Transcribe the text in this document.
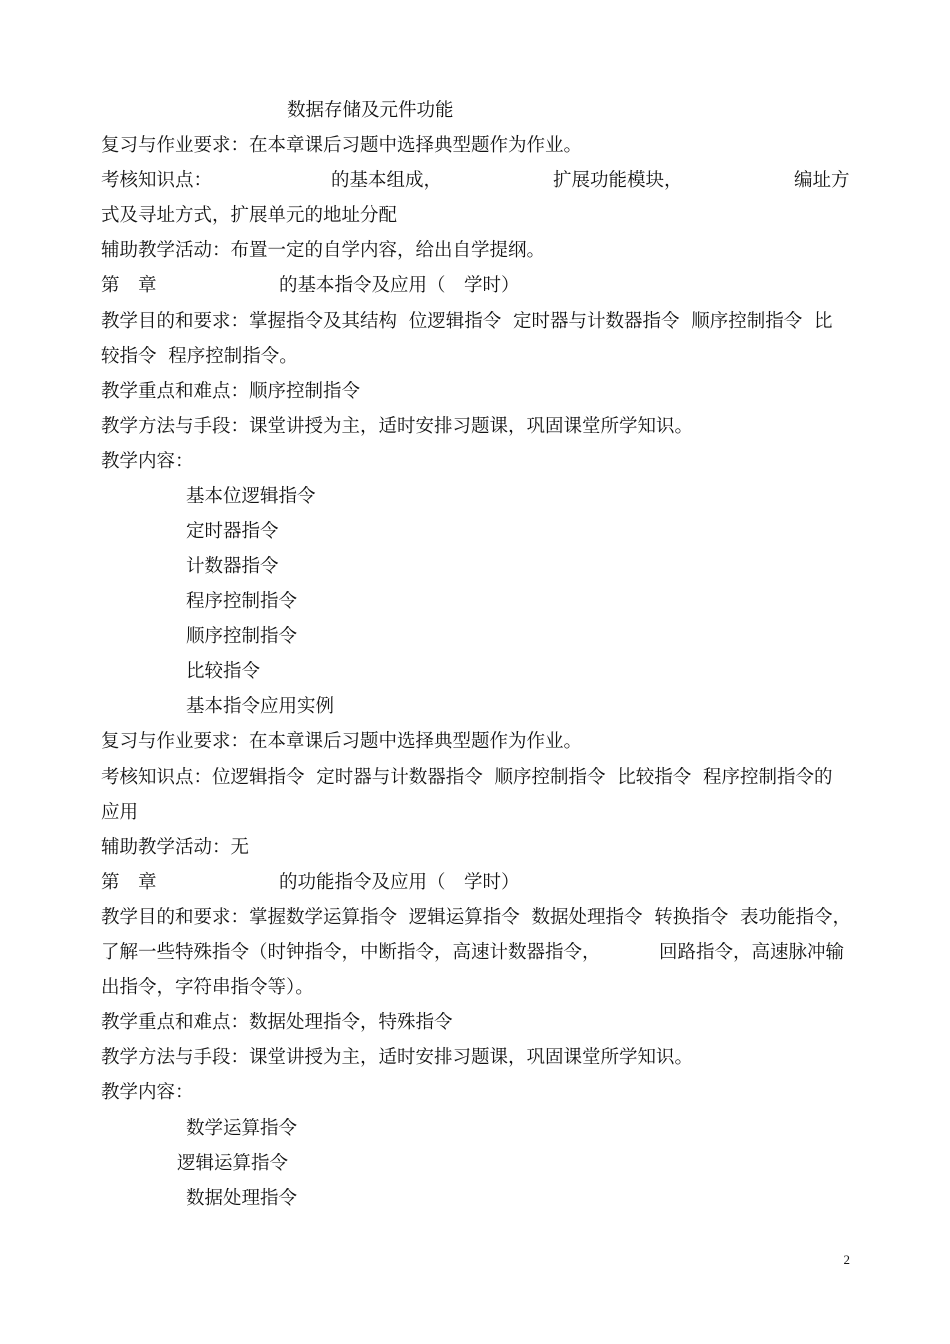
数据存储及元件功能
复习与作业要求：在本章课后习题中选择典型题作为作业。
考核知识点：	的基本组成，	扩展功能模块，	编址方
式及寻址方式，扩展单元的地址分配
辅助教学活动：布置一定的自学内容，给出自学提纲。
第　章	的基本指令及应用（　学时）
教学目的和要求：掌握指令及其结构  位逻辑指令  定时器与计数器指令  顺序控制指令  比
较指令  程序控制指令。
教学重点和难点：顺序控制指令
教学方法与手段：课堂讲授为主，适时安排习题课，巩固课堂所学知识。
教学内容：
基本位逻辑指令
定时器指令
计数器指令
程序控制指令
顺序控制指令
比较指令
基本指令应用实例
复习与作业要求：在本章课后习题中选择典型题作为作业。
考核知识点：位逻辑指令  定时器与计数器指令  顺序控制指令  比较指令  程序控制指令的
应用
辅助教学活动：无
第　章	的功能指令及应用（　学时）
教学目的和要求：掌握数学运算指令  逻辑运算指令  数据处理指令  转换指令  表功能指令，
了解一些特殊指令（时钟指令，中断指令，高速计数器指令，	回路指令，高速脉冲输
出指令，字符串指令等）。
教学重点和难点：数据处理指令，特殊指令
教学方法与手段：课堂讲授为主，适时安排习题课，巩固课堂所学知识。
教学内容：
数学运算指令
逻辑运算指令
数据处理指令
2
